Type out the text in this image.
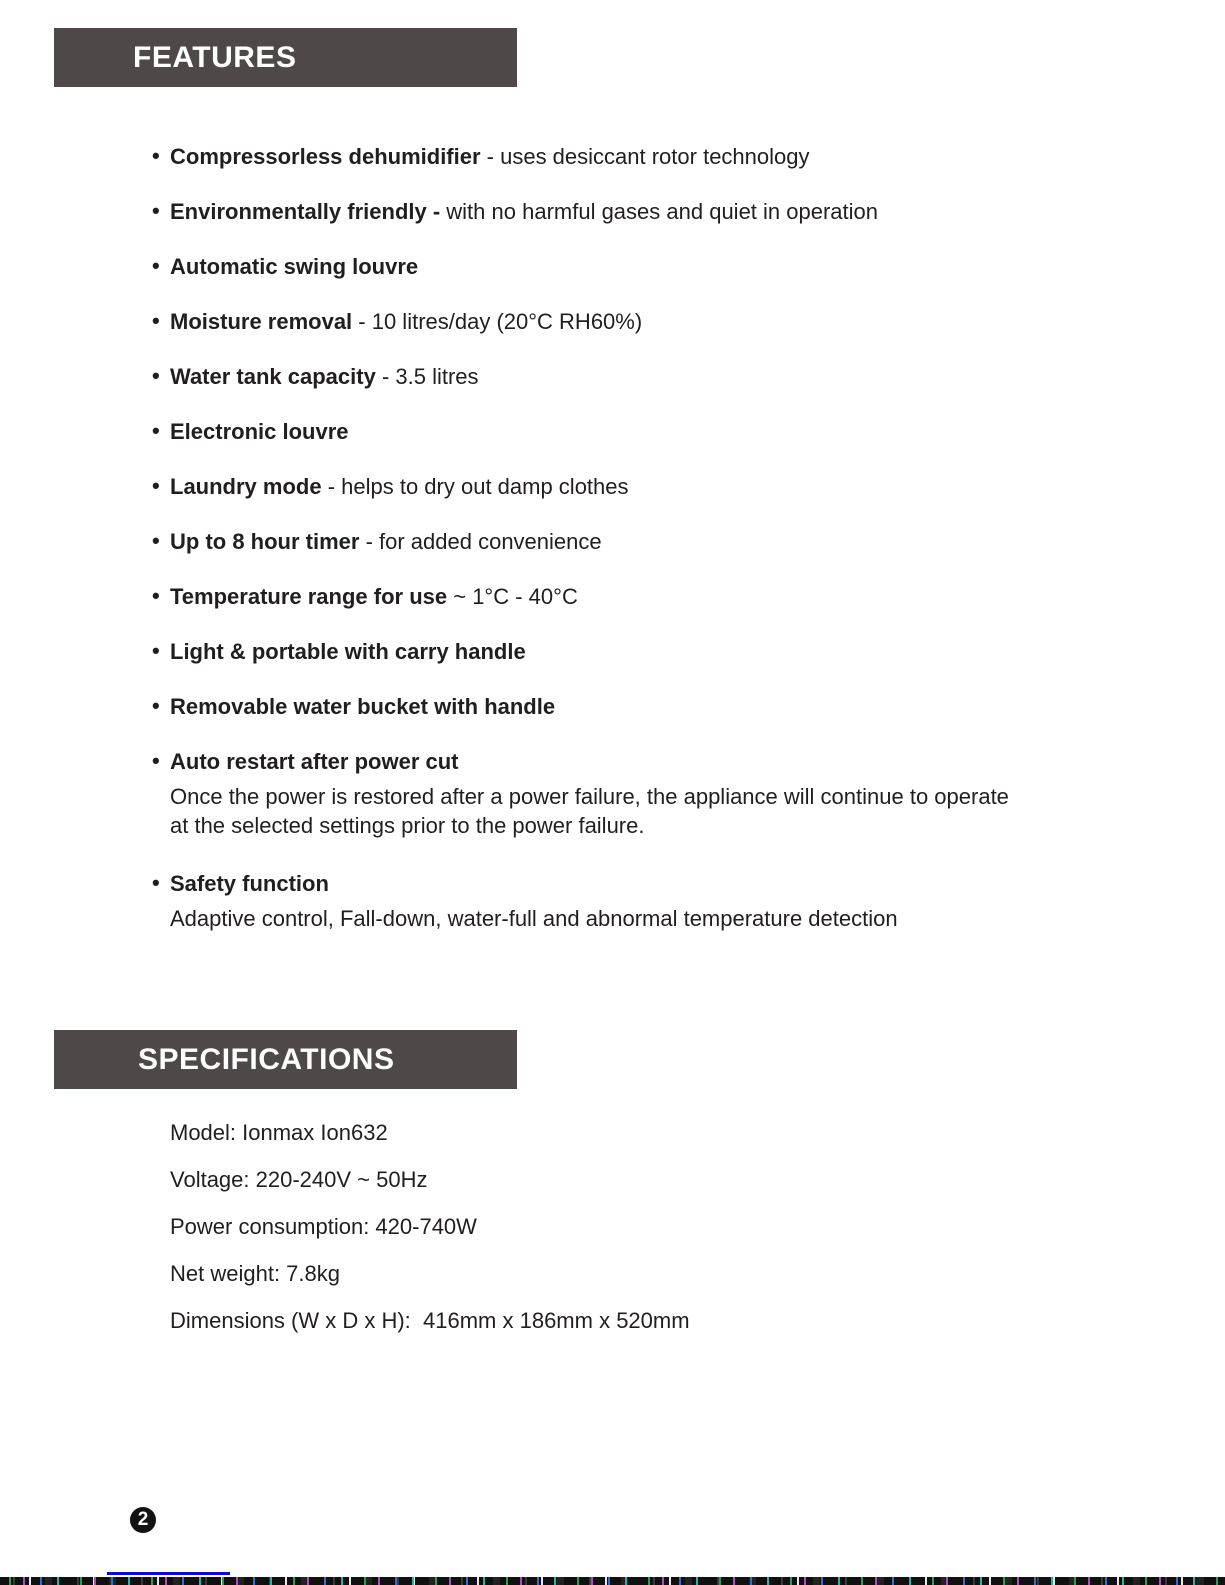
FEATURES
• Compressorless dehumidifier - uses desiccant rotor technology
• Environmentally friendly - with no harmful gases and quiet in operation
• Automatic swing louvre
• Moisture removal - 10 litres/day (20°C RH60%)
• Water tank capacity - 3.5 litres
• Electronic louvre
• Laundry mode - helps to dry out damp clothes
• Up to 8 hour timer - for added convenience
• Temperature range for use ~ 1°C - 40°C
• Light & portable with carry handle
• Removable water bucket with handle
• Auto restart after power cut
Once the power is restored after a power failure, the appliance will continue to operate at the selected settings prior to the power failure.
• Safety function
Adaptive control, Fall-down, water-full and abnormal temperature detection
SPECIFICATIONS
Model: Ionmax Ion632
Voltage: 220-240V ~ 50Hz
Power consumption: 420-740W
Net weight: 7.8kg
Dimensions (W x D x H):  416mm x 186mm x 520mm
2
